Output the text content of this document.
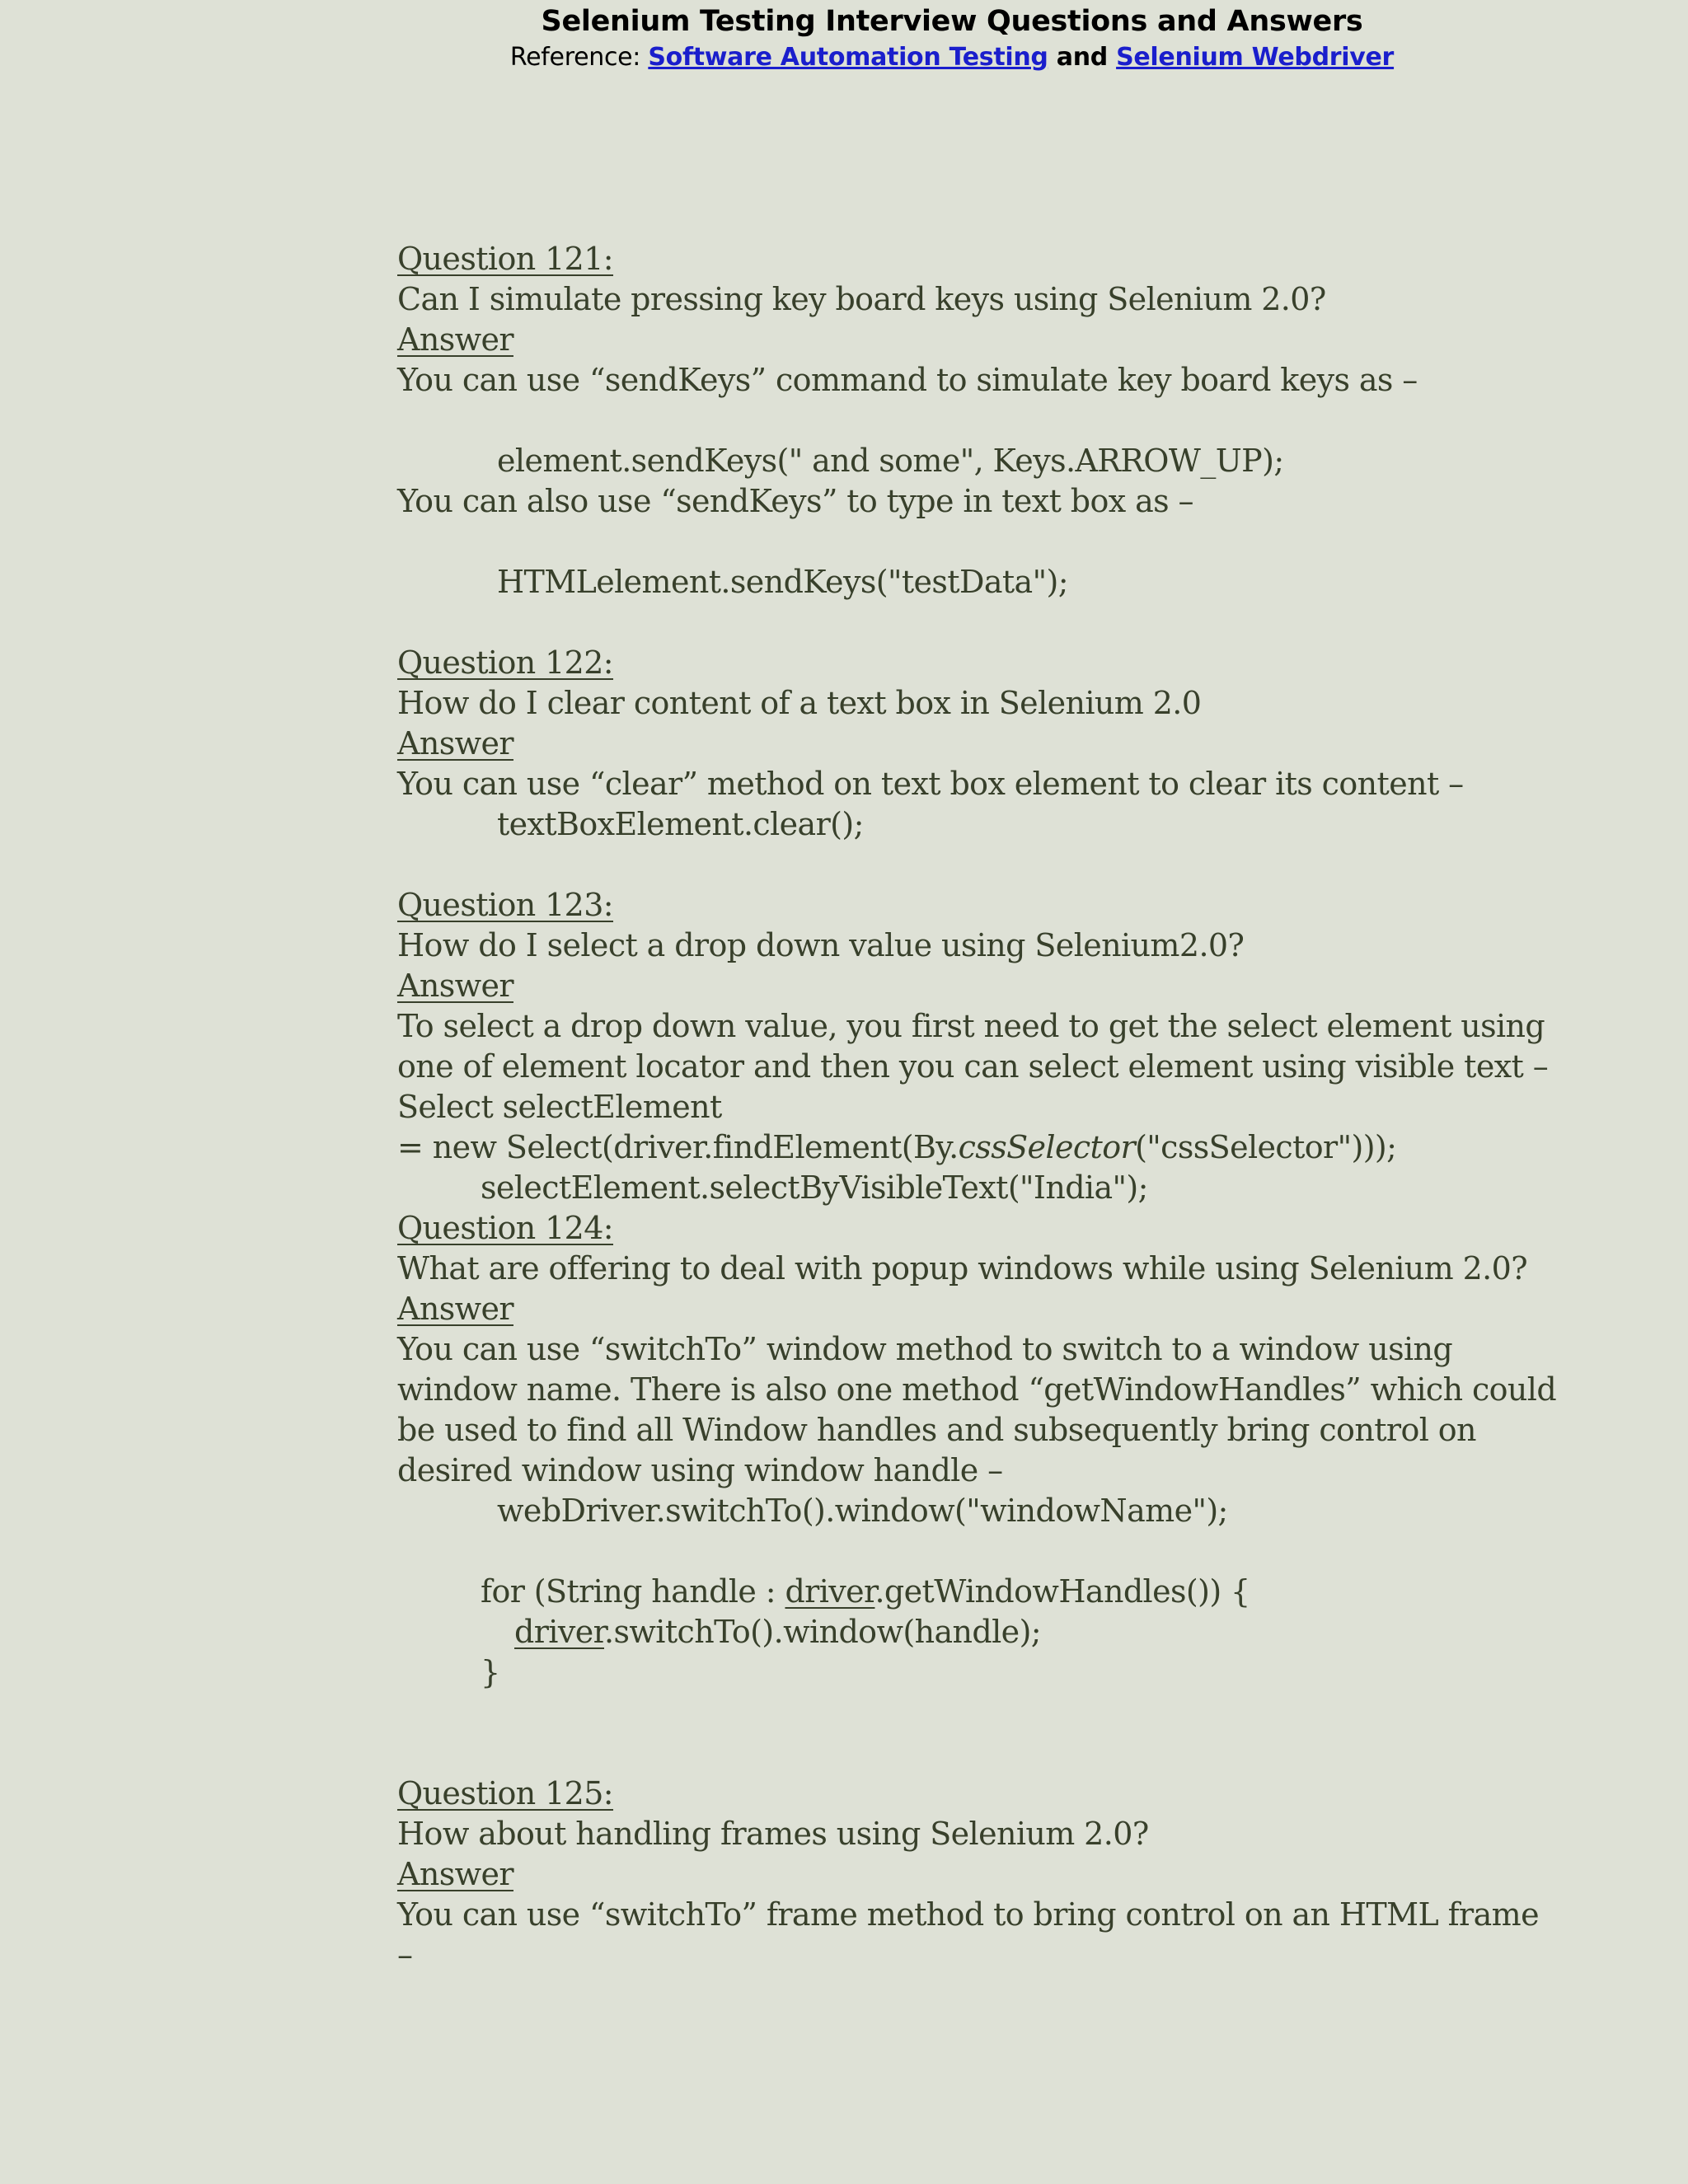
Selenium Testing Interview Questions and Answers
Reference: Software Automation Testing and Selenium Webdriver
Question 121:
Can I simulate pressing key board keys using Selenium 2.0?
Answer
You can use “sendKeys” command to simulate key board keys as –
element.sendKeys(" and some", Keys.ARROW_UP);
You can also use “sendKeys” to type in text box as –
HTMLelement.sendKeys("testData");
Question 122:
How do I clear content of a text box in Selenium 2.0
Answer
You can use “clear” method on text box element to clear its content –
textBoxElement.clear();
Question 123:
How do I select a drop down value using Selenium2.0?
Answer
To select a drop down value, you first need to get the select element using
one of element locator and then you can select element using visible text –
Select selectElement
= new Select(driver.findElement(By.cssSelector("cssSelector")));
selectElement.selectByVisibleText("India");
Question 124:
What are offering to deal with popup windows while using Selenium 2.0?
Answer
You can use “switchTo” window method to switch to a window using
window name. There is also one method “getWindowHandles” which could
be used to find all Window handles and subsequently bring control on
desired window using window handle –
webDriver.switchTo().window("windowName");
for (String handle : driver.getWindowHandles()) {
driver.switchTo().window(handle);
}
Question 125:
How about handling frames using Selenium 2.0?
Answer
You can use “switchTo” frame method to bring control on an HTML frame
–
